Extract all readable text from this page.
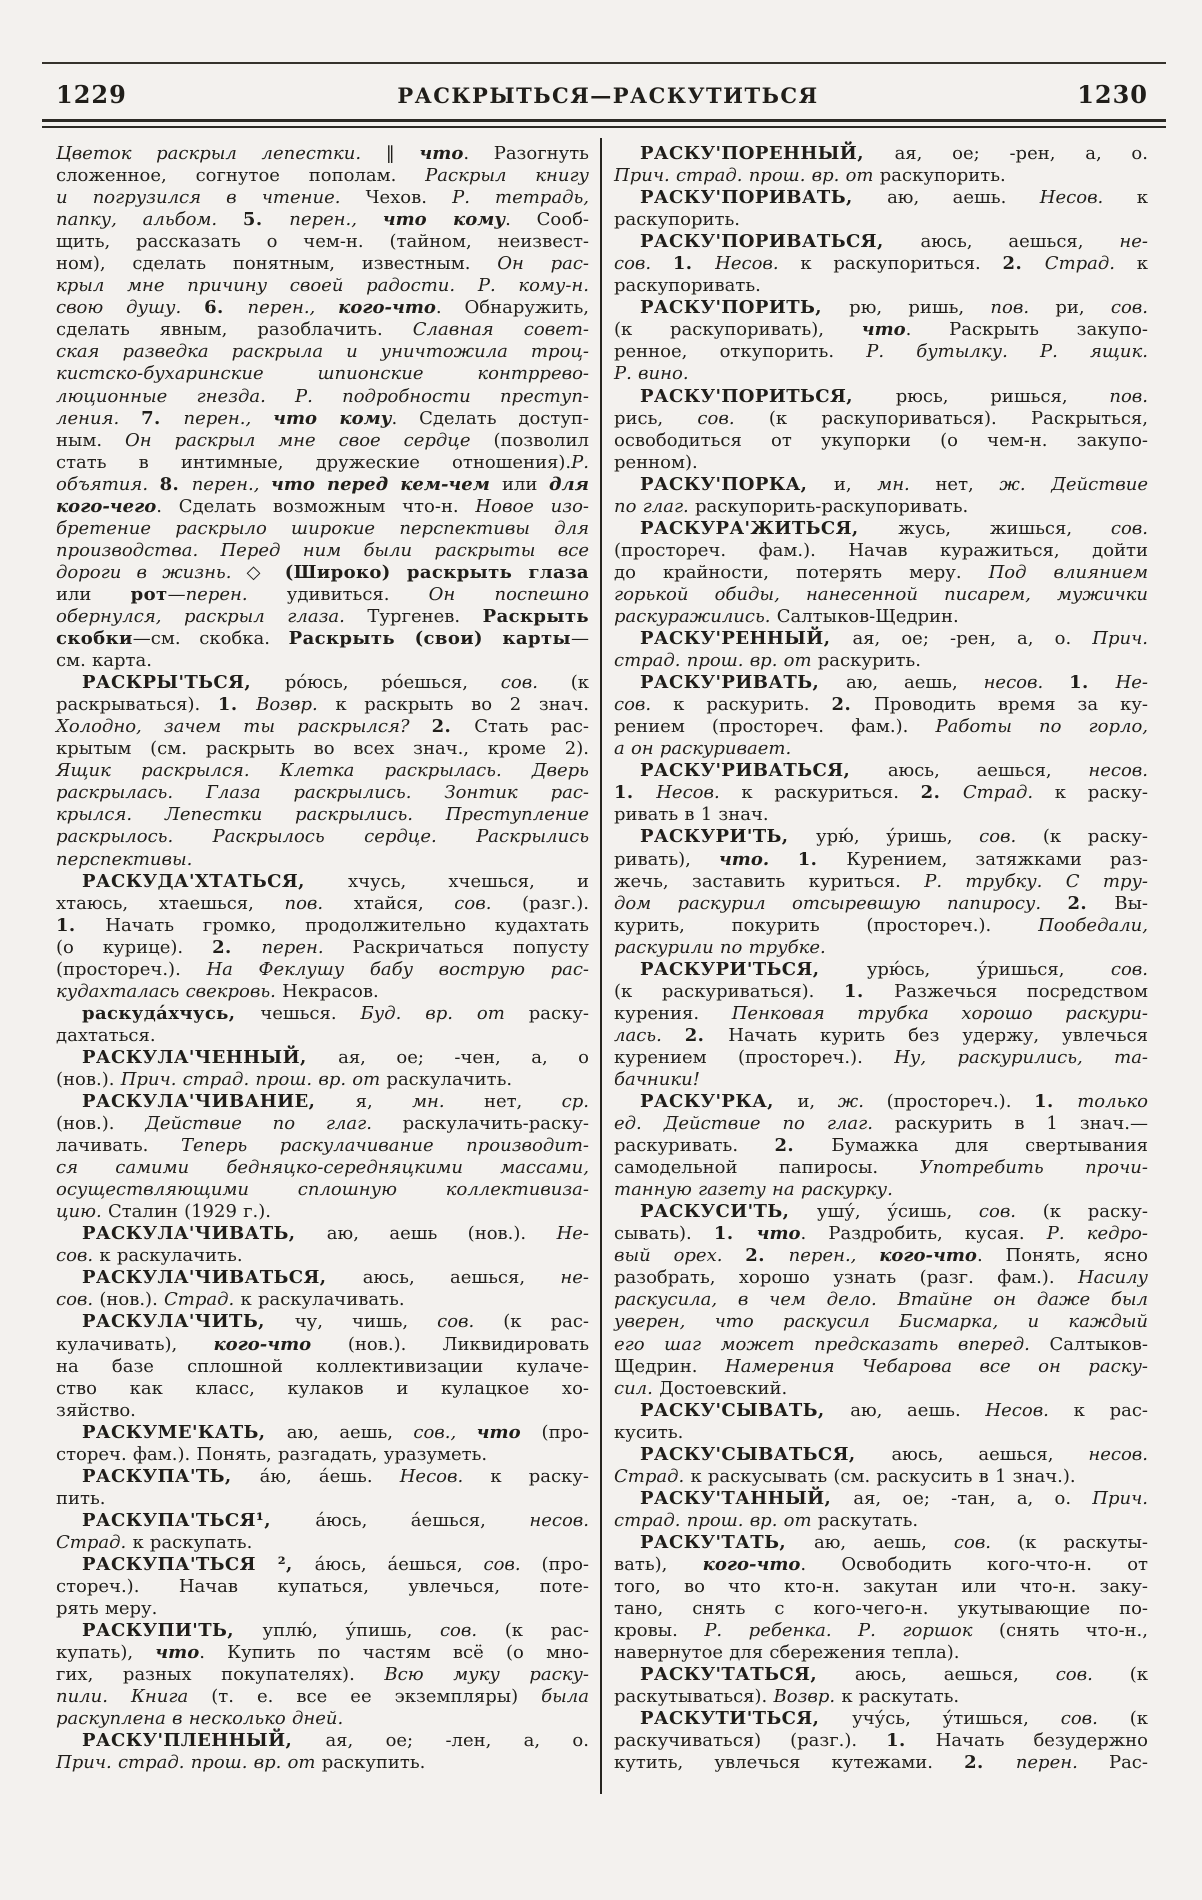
1229	РАСКРЫТЬСЯ—РАСКУТИТЬСЯ	1230
Цветок раскрыл лепестки. ‖ что. Разогнуть
сложенное, согнутое пополам. Раскрыл книгу
и погрузился в чтение. Чехов. Р. тетрадь,
папку, альбом. 5. перен., что кому. Сооб-
щить, рассказать о чем-н. (тайном, неизвест-
ном), сделать понятным, известным. Он рас-
крыл мне причину своей радости. Р. кому-н.
свою душу. 6. перен., кого-что. Обнаружить,
сделать явным, разоблачить. Славная совет-
ская разведка раскрыла и уничтожила троц-
кистско-бухаринские шпионские контррево-
люционные гнезда. Р. подробности преступ-
ления. 7. перен., что кому. Сделать доступ-
ным. Он раскрыл мне свое сердце (позволил
стать в интимные, дружеские отношения).Р.
объятия. 8. перен., что перед кем-чем или для
кого-чего. Сделать возможным что-н. Новое изо-
бретение раскрыло широкие перспективы для
производства. Перед ним были раскрыты все
дороги в жизнь. ◇ (Широко) раскрыть глаза
или рот—перен. удивиться. Он поспешно
обернулся, раскрыл глаза. Тургенев. Раскрыть
скобки—см. скобка. Раскрыть (свои) карты—
см. карта.
РАСКРЫ'ТЬСЯ, ро́юсь, ро́ешься, сов. (к
раскрываться). 1. Возвр. к раскрыть во 2 знач.
Холодно, зачем ты раскрылся? 2. Стать рас-
крытым (см. раскрыть во всех знач., кроме 2).
Ящик раскрылся. Клетка раскрылась. Дверь
раскрылась. Глаза раскрылись. Зонтик рас-
крылся. Лепестки раскрылись. Преступление
раскрылось. Раскрылось сердце. Раскрылись
перспективы.
РАСКУДА'ХТАТЬСЯ, хчусь, хчешься, и
хтаюсь, хтаешься, пов. хтайся, сов. (разг.).
1. Начать громко, продолжительно кудахтать
(о курице). 2. перен. Раскричаться попусту
(простореч.). На Феклушу бабу вострую рас-
кудахталась свекровь. Некрасов.
раскуда́хчусь, чешься. Буд. вр. от раску-
дахтаться.
РАСКУЛА'ЧЕННЫЙ, ая, ое; -чен, а, о
(нов.). Прич. страд. прош. вр. от раскулачить.
РАСКУЛА'ЧИВАНИЕ, я, мн. нет, ср.
(нов.). Действие по глаг. раскулачить-раску-
лачивать. Теперь раскулачивание производит-
ся самими бедняцко-середняцкими массами,
осуществляющими сплошную коллективиза-
цию. Сталин (1929 г.).
РАСКУЛА'ЧИВАТЬ, аю, аешь (нов.). Не-
сов. к раскулачить.
РАСКУЛА'ЧИВАТЬСЯ, аюсь, аешься, не-
сов. (нов.). Страд. к раскулачивать.
РАСКУЛА'ЧИТЬ, чу, чишь, сов. (к рас-
кулачивать), кого-что (нов.). Ликвидировать
на базе сплошной коллективизации кулаче-
ство как класс, кулаков и кулацкое хо-
зяйство.
РАСКУМЕ'КАТЬ, аю, аешь, сов., что (про-
стореч. фам.). Понять, разгадать, уразуметь.
РАСКУПА'ТЬ, а́ю, а́ешь. Несов. к раску-
пить.
РАСКУПА'ТЬСЯ¹, а́юсь, а́ешься, несов.
Страд. к раскупать.
РАСКУПА'ТЬСЯ ², а́юсь, а́ешься, сов. (про-
стореч.). Начав купаться, увлечься, поте-
рять меру.
РАСКУПИ'ТЬ, уплю́, у́пишь, сов. (к рас-
купать), что. Купить по частям всё (о мно-
гих, разных покупателях). Всю муку раску-
пили. Книга (т. е. все ее экземпляры) была
раскуплена в несколько дней.
РАСКУ'ПЛЕННЫЙ, ая, ое; -лен, а, о.
Прич. страд. прош. вр. от раскупить.
РАСКУ'ПОРЕННЫЙ, ая, ое; -рен, а, о.
Прич. страд. прош. вр. от раскупорить.
РАСКУ'ПОРИВАТЬ, аю, аешь. Несов. к
раскупорить.
РАСКУ'ПОРИВАТЬСЯ, аюсь, аешься, не-
сов. 1. Несов. к раскупориться. 2. Страд. к
раскупоривать.
РАСКУ'ПОРИТЬ, рю, ришь, пов. ри, сов.
(к раскупоривать), что. Раскрыть закупо-
ренное, откупорить. Р. бутылку. Р. ящик.
Р. вино.
РАСКУ'ПОРИТЬСЯ, рюсь, ришься, пов.
рись, сов. (к раскупориваться). Раскрыться,
освободиться от укупорки (о чем-н. закупо-
ренном).
РАСКУ'ПОРКА, и, мн. нет, ж. Действие
по глаг. раскупорить-раскупоривать.
РАСКУРА'ЖИТЬСЯ, жусь, жишься, сов.
(простореч. фам.). Начав куражиться, дойти
до крайности, потерять меру. Под влиянием
горькой обиды, нанесенной писарем, мужички
раскуражились. Салтыков-Щедрин.
РАСКУ'РЕННЫЙ, ая, ое; -рен, а, о. Прич.
страд. прош. вр. от раскурить.
РАСКУ'РИВАТЬ, аю, аешь, несов. 1. Не-
сов. к раскурить. 2. Проводить время за ку-
рением (простореч. фам.). Работы по горло,
а он раскуривает.
РАСКУ'РИВАТЬСЯ, аюсь, аешься, несов.
1. Несов. к раскуриться. 2. Страд. к раску-
ривать в 1 знач.
РАСКУРИ'ТЬ, урю́, у́ришь, сов. (к раску-
ривать), что. 1. Курением, затяжками раз-
жечь, заставить куриться. Р. трубку. С тру-
дом раскурил отсыревшую папиросу. 2. Вы-
курить, покурить (простореч.). Пообедали,
раскурили по трубке.
РАСКУРИ'ТЬСЯ, урю́сь, у́ришься, сов.
(к раскуриваться). 1. Разжечься посредством
курения. Пенковая трубка хорошо раскури-
лась. 2. Начать курить без удержу, увлечься
курением (простореч.). Ну, раскурились, та-
бачники!
РАСКУ'РКА, и, ж. (простореч.). 1. только
ед. Действие по глаг. раскурить в 1 знач.—
раскуривать. 2. Бумажка для свертывания
самодельной папиросы. Употребить прочи-
танную газету на раскурку.
РАСКУСИ'ТЬ, ушу́, у́сишь, сов. (к раску-
сывать). 1. что. Раздробить, кусая. Р. кедро-
вый орех. 2. перен., кого-что. Понять, ясно
разобрать, хорошо узнать (разг. фам.). Насилу
раскусила, в чем дело. Втайне он даже был
уверен, что раскусил Бисмарка, и каждый
его шаг может предсказать вперед. Салтыков-
Щедрин. Намерения Чебарова все он раску-
сил. Достоевский.
РАСКУ'СЫВАТЬ, аю, аешь. Несов. к рас-
кусить.
РАСКУ'СЫВАТЬСЯ, аюсь, аешься, несов.
Страд. к раскусывать (см. раскусить в 1 знач.).
РАСКУ'ТАННЫЙ, ая, ое; -тан, а, о. Прич.
страд. прош. вр. от раскутать.
РАСКУ'ТАТЬ, аю, аешь, сов. (к раскуты-
вать), кого-что. Освободить кого-что-н. от
того, во что кто-н. закутан или что-н. заку-
тано, снять с кого-чего-н. укутывающие по-
кровы. Р. ребенка. Р. горшок (снять что-н.,
навернутое для сбережения тепла).
РАСКУ'ТАТЬСЯ, аюсь, аешься, сов. (к
раскутываться). Возвр. к раскутать.
РАСКУТИ'ТЬСЯ, учу́сь, у́тишься, сов. (к
раскучиваться) (разг.). 1. Начать безудержно
кутить, увлечься кутежами. 2. перен. Рас-
